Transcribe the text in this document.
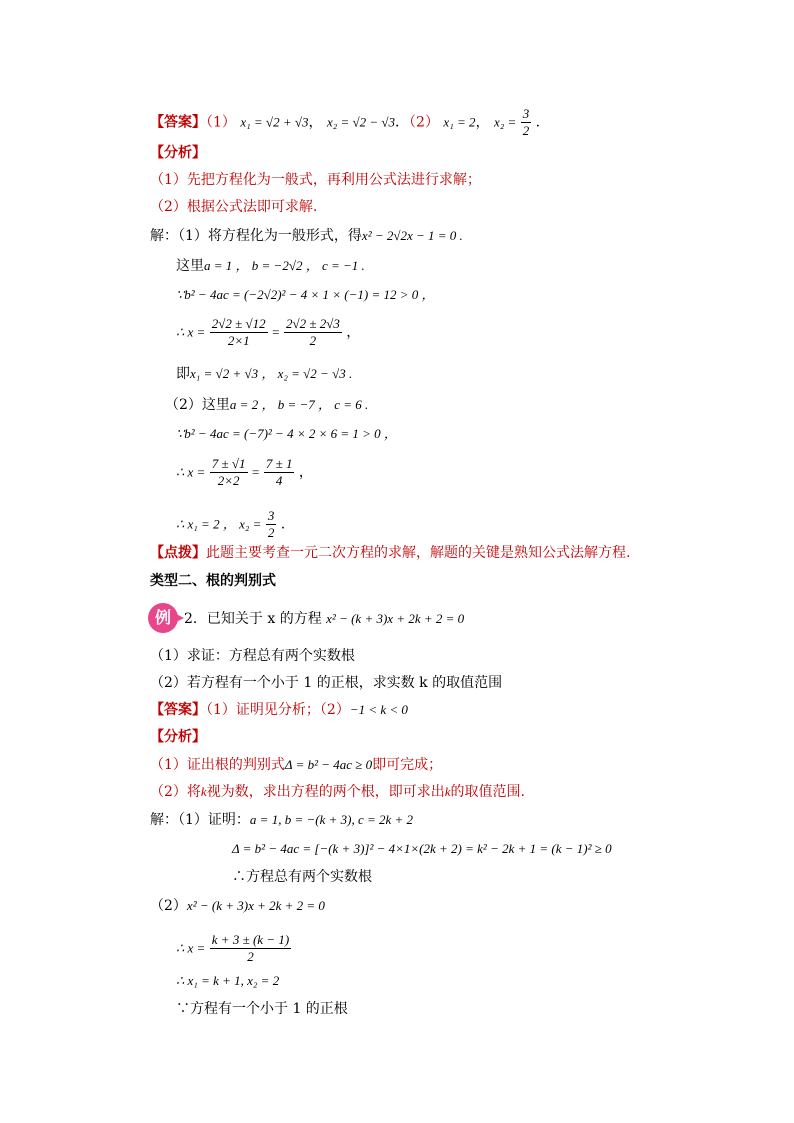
【答案】（1） x₁ = √2 + √3， x₂ = √2 − √3．（2） x₁ = 2， $x_2 = \frac{3}{2}$ .
【分析】
（1）先把方程化为一般式，再利用公式法进行求解；
（2）根据公式法即可求解.
解：（1）将方程化为一般形式，得x² − 2√2x − 1 = 0 .
这里a = 1 ， b = −2√2 ， c = −1 .
∵b² − 4ac = (−2√2)² − 4 × 1 × (−1) = 12 > 0 ，
∴ $x = \frac{2√2 \pm √12}{2\times 1} = \frac{2√2 \pm 2√3}{2}$ ，
即x₁ = √2 + √3 ， x₂ = √2 − √3 .
（2）这里a = 2 ， b = −7 ， c = 6 .
∵b² − 4ac = (−7)² − 4 × 2 × 6 = 1 > 0 ，
∴ $x = \frac{7 \pm √1}{2\times 2} = \frac{7 \pm 1}{4}$ ，
∴ x₁ = 2 ， $x_2 = \frac{3}{2}$ .
【点拨】此题主要考查一元二次方程的求解，解题的关键是熟知公式法解方程.
类型二、根的判别式
例 2．已知关于 x 的方程 x² − (k + 3)x + 2k + 2 = 0
（1）求证：方程总有两个实数根
（2）若方程有一个小于 1 的正根，求实数 k 的取值范围
【答案】（1）证明见分析；（2）−1 < k < 0
【分析】
（1）证出根的判别式Δ = b² − 4ac ≥ 0即可完成；
（2）将k视为数，求出方程的两个根，即可求出k的取值范围.
解：（1）证明：a = 1, b = −(k + 3), c = 2k + 2
Δ = b² − 4ac = [−(k + 3)]² − 4×1×(2k + 2) = k² − 2k + 1 = (k − 1)² ≥ 0
∴方程总有两个实数根
（2）x² − (k + 3)x + 2k + 2 = 0
∴ $x = \frac{k + 3 \pm (k - 1)}{2}$
∴ x₁ = k + 1, x₂ = 2
∵方程有一个小于 1 的正根
